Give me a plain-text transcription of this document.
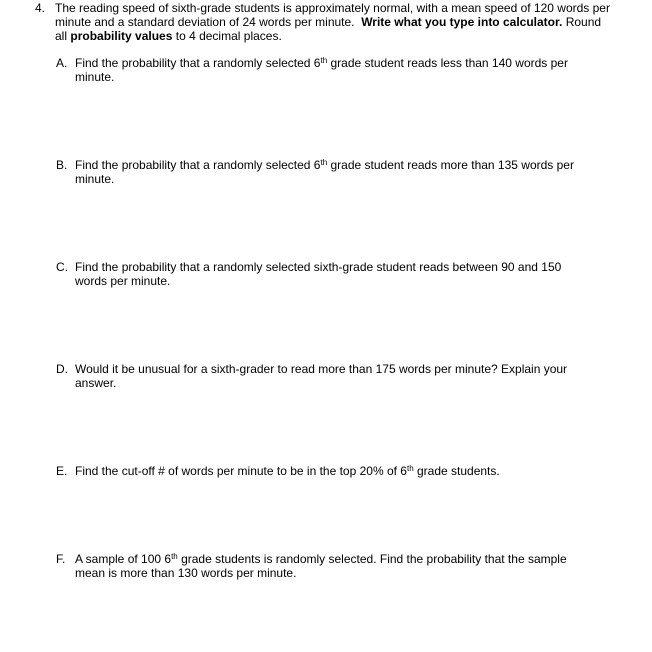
4. The reading speed of sixth-grade students is approximately normal, with a mean speed of 120 words per minute and a standard deviation of 24 words per minute. Write what you type into calculator. Round all probability values to 4 decimal places.
A. Find the probability that a randomly selected 6th grade student reads less than 140 words per minute.
B. Find the probability that a randomly selected 6th grade student reads more than 135 words per minute.
C. Find the probability that a randomly selected sixth-grade student reads between 90 and 150 words per minute.
D. Would it be unusual for a sixth-grader to read more than 175 words per minute? Explain your answer.
E. Find the cut-off # of words per minute to be in the top 20% of 6th grade students.
F. A sample of 100 6th grade students is randomly selected. Find the probability that the sample mean is more than 130 words per minute.
